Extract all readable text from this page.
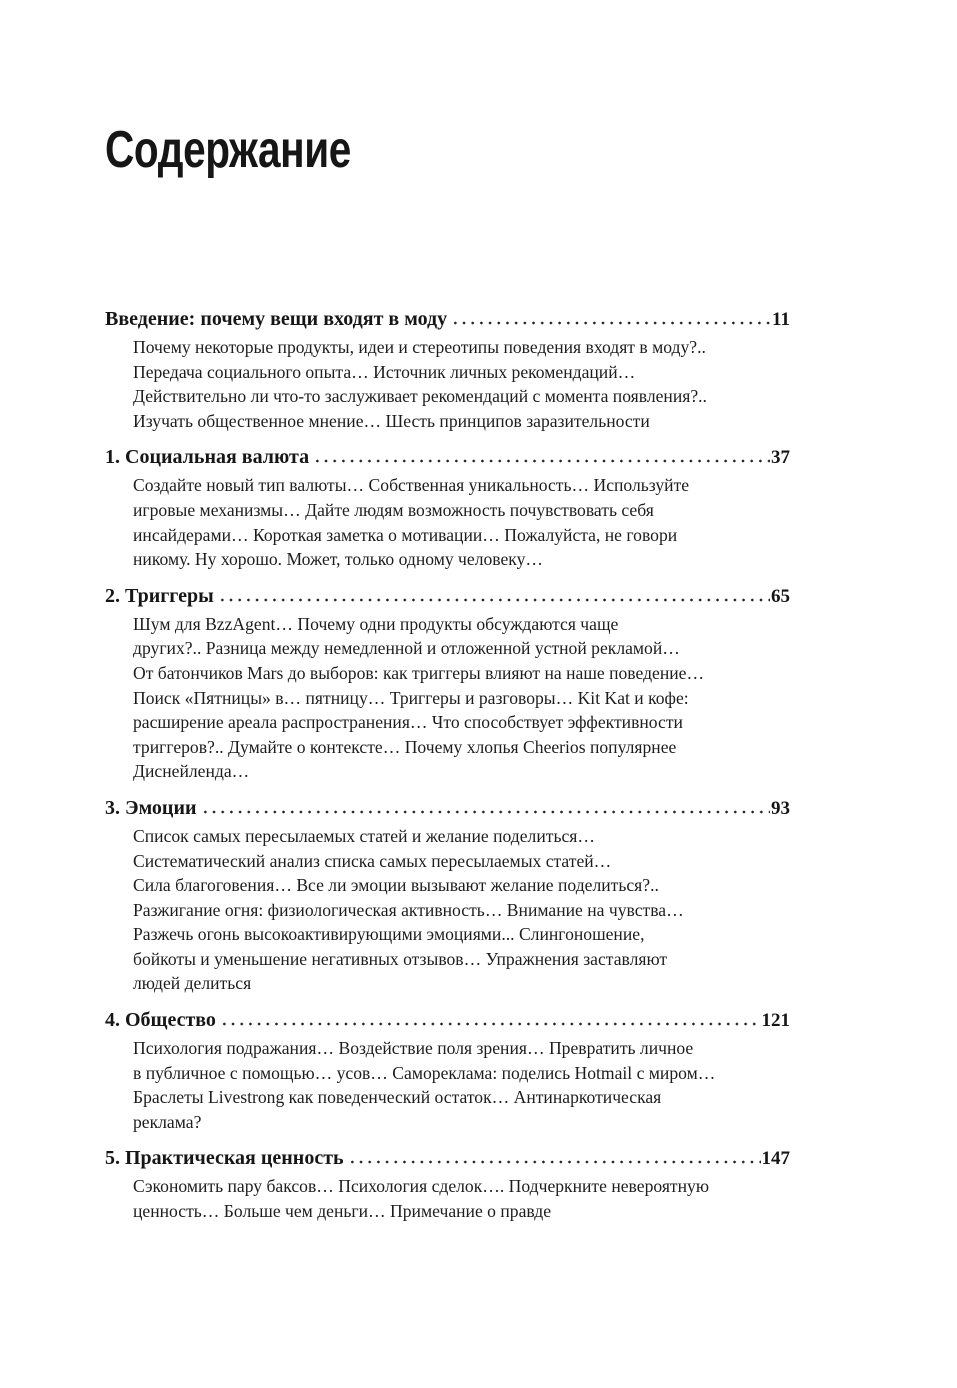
Содержание
Введение: почему вещи входят в моду	11
Почему некоторые продукты, идеи и стереотипы поведения входят в моду?..
Передача социального опыта… Источник личных рекомендаций…
Действительно ли что-то заслуживает рекомендаций с момента появления?..
Изучать общественное мнение… Шесть принципов заразительности
1. Социальная валюта	37
Создайте новый тип валюты… Собственная уникальность… Используйте
игровые механизмы… Дайте людям возможность почувствовать себя
инсайдерами… Короткая заметка о мотивации… Пожалуйста, не говори
никому. Ну хорошо. Может, только одному человеку…
2. Триггеры	65
Шум для BzzAgent… Почему одни продукты обсуждаются чаще
других?.. Разница между немедленной и отложенной устной рекламой…
От батончиков Mars до выборов: как триггеры влияют на наше поведение…
Поиск «Пятницы» в… пятницу… Триггеры и разговоры… Kit Kat и кофе:
расширение ареала распространения… Что способствует эффективности
триггеров?.. Думайте о контексте… Почему хлопья Cheerios популярнее
Диснейленда…
3. Эмоции	93
Список самых пересылаемых статей и желание поделиться…
Систематический анализ списка самых пересылаемых статей…
Сила благоговения… Все ли эмоции вызывают желание поделиться?..
Разжигание огня: физиологическая активность… Внимание на чувства…
Разжечь огонь высокоактивирующими эмоциями... Слингоношение,
бойкоты и уменьшение негативных отзывов… Упражнения заставляют
людей делиться
4. Общество	121
Психология подражания… Воздействие поля зрения… Превратить личное
в публичное с помощью… усов… Самореклама: поделись Hotmail с миром…
Браслеты Livestrong как поведенческий остаток… Антинаркотическая
реклама?
5. Практическая ценность	147
Сэкономить пару баксов… Психология сделок…. Подчеркните невероятную
ценность… Больше чем деньги… Примечание о правде
